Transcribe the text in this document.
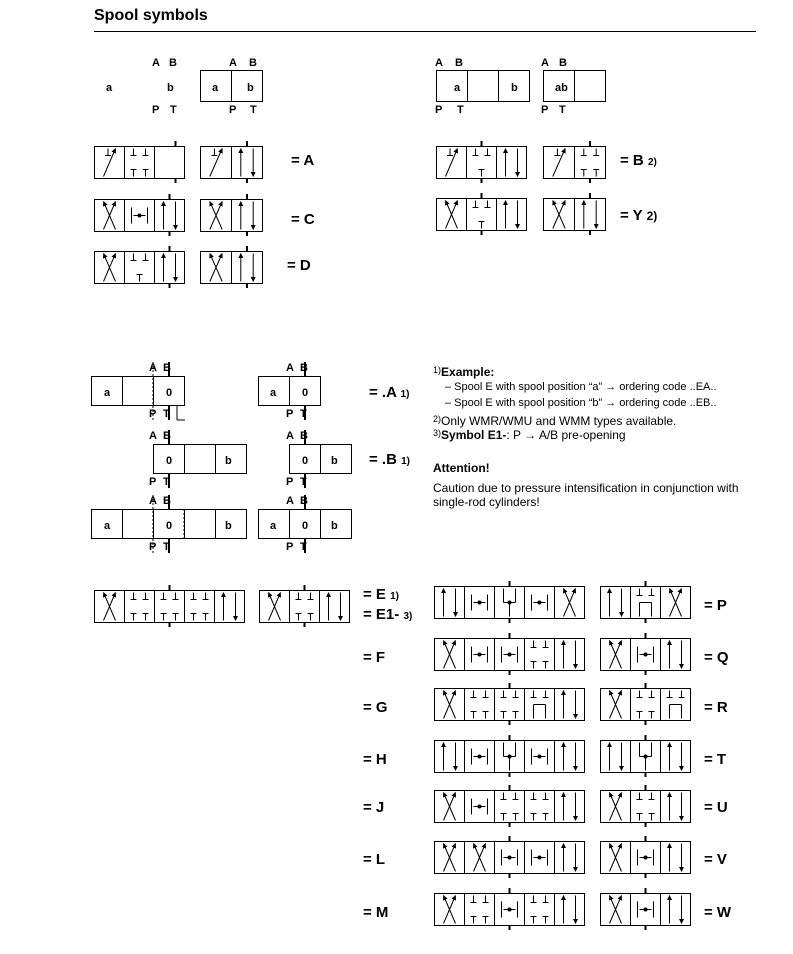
Spool symbols
A B
a	b
P T
a	b
A B
P T
a	b
A B
P T
ab
A B
P T
= A
= C
= D
= B 2)
= Y 2)
a	0
A B
P T
a 0
A B
P T
= .A 1)
0	b
A B
P T
0 b
A B
P T
= .B 1)
a	0	b
A B
P T
a 0 b
A B
P T

$^{1)}$Example:

– Spool E with spool position “a” → ordering code ..EA..

– Spool E with spool position “b” → ordering code ..EB..

$^{2)}$Only WMR/WMU and WMM types available.

$^{3)}$Symbol E1-: P → A/B pre-opening

Attention!

Caution due to pressure intensification in conjunction with single-rod cylinders!

= E 1)
= E1- 3)
= F
= G
= H
= J
= L
= M
= P
= Q
= R
= T
= U
= V
= W
